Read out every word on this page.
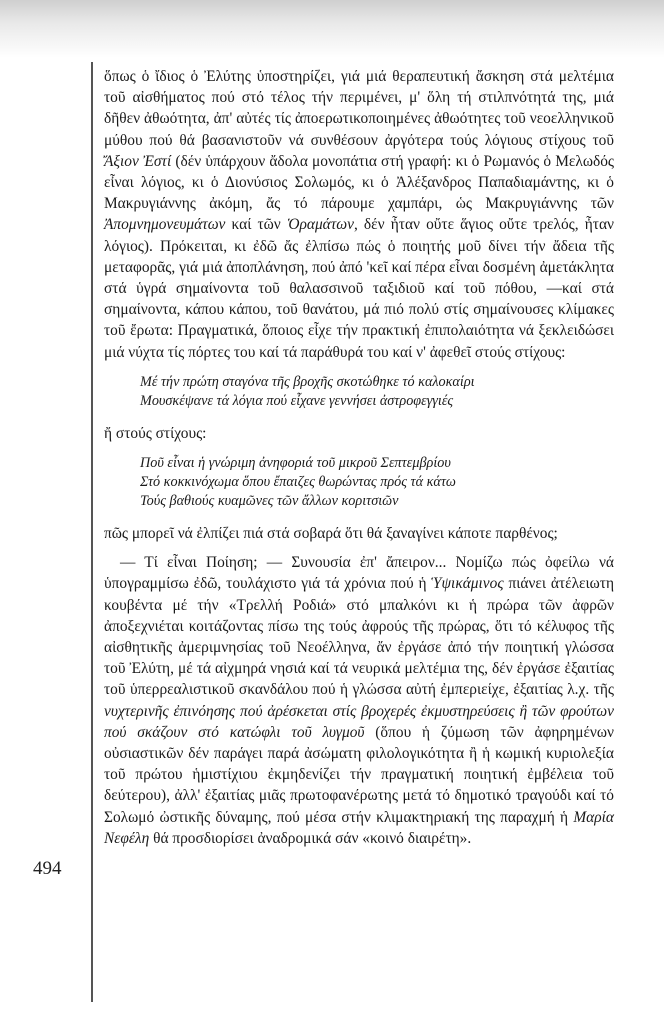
494

ὅπως ὁ ἴδιος ὁ Ἐλύτης ὑποστηρίζει, γιά μιά θεραπευτική ἄσκηση στά μελτέμια τοῦ αἰσθήματος πού στό τέλος τήν περιμένει, μ' ὅλη τή στιλπνότητά της, μιά δῆθεν ἀθωότητα, ἀπ' αὐτές τίς ἀποερωτικοποιημένες ἀθωότητες τοῦ νεοελληνικοῦ μύθου πού θά βασανιστοῦν νά συνθέσουν ἀργότερα τούς λόγιους στίχους τοῦ Ἄξιον Ἐστί (δέν ὑπάρχουν ἄδολα μονοπάτια στή γραφή: κι ὁ Ρωμανός ὁ Μελωδός εἶναι λόγιος, κι ὁ Διονύσιος Σολωμός, κι ὁ Ἀλέξανδρος Παπαδιαμάντης, κι ὁ Μακρυγιάννης ἀκόμη, ἄς τό πάρουμε χαμπάρι, ὡς Μακρυγιάννης τῶν Ἀπομνημονευμάτων καί τῶν Ὁραμάτων, δέν ἦταν οὔτε ἅγιος οὔτε τρελός, ἦταν λόγιος). Πρόκειται, κι ἐδῶ ἄς ἐλπίσω πώς ὁ ποιητής μοῦ δίνει τήν ἄδεια τῆς μεταφορᾶς, γιά μιά ἀποπλάνηση, πού ἀπό 'κεῖ καί πέρα εἶναι δοσμένη ἀμετάκλητα στά ὑγρά σημαίνοντα τοῦ θαλασσινοῦ ταξιδιοῦ καί τοῦ πόθου, —καί στά σημαίνοντα, κάπου κάπου, τοῦ θανάτου, μά πιό πολύ στίς σημαίνουσες κλίμακες τοῦ ἔρωτα: Πραγματικά, ὅποιος εἶχε τήν πρακτική ἐπιπολαιότητα νά ξεκλειδώσει μιά νύχτα τίς πόρτες του καί τά παράθυρά του καί ν' ἀφεθεῖ στούς στίχους:

Μέ τήν πρώτη σταγόνα τῆς βροχῆς σκοτώθηκε τό καλοκαίρι
Μουσκέψανε τά λόγια πού εἶχανε γεννήσει ἀστροφεγγιές

ἤ στούς στίχους:

Ποῦ εἶναι ἡ γνώριμη ἀνηφοριά τοῦ μικροῦ Σεπτεμβρίου
Στό κοκκινόχωμα ὅπου ἔπαιζες θωρώντας πρός τά κάτω
Τούς βαθιούς κυαμῶνες τῶν ἄλλων κοριτσιῶν

πῶς μπορεῖ νά ἐλπίζει πιά στά σοβαρά ὅτι θά ξαναγίνει κάποτε παρθένος;

— Τί εἶναι Ποίηση; — Συνουσία ἐπ' ἄπειρον... Νομίζω πώς ὀφείλω νά ὑπογραμμίσω ἐδῶ, τουλάχιστο γιά τά χρόνια πού ἡ Ὑψικάμινος πιάνει ἀτέλειωτη κουβέντα μέ τήν «Τρελλή Ροδιά» στό μπαλκόνι κι ἡ πρώρα τῶν ἀφρῶν ἀποξεχνιέται κοιτάζοντας πίσω της τούς ἀφρούς τῆς πρώρας, ὅτι τό κέλυφος τῆς αἰσθητικῆς ἀμεριμνησίας τοῦ Νεοέλληνα, ἄν ἐργάσε ἀπό τήν ποιητική γλώσσα τοῦ Ἐλύτη, μέ τά αἰχμηρά νησιά καί τά νευρικά μελτέμια της, δέν ἐργάσε ἐξαιτίας τοῦ ὑπερρεαλιστικοῦ σκανδάλου πού ἡ γλώσσα αὐτή ἐμπεριείχε, ἐξαιτίας λ.χ. τῆς νυχτερινῆς ἐπινόησης πού ἀρέσκεται στίς βροχερές ἐκμυστηρεύσεις ἢ τῶν φρούτων πού σκάζουν στό κατώφλι τοῦ λυγμοῦ (ὅπου ἡ ζύμωση τῶν ἀφηρημένων οὐσιαστικῶν δέν παράγει παρά ἀσώματη φιλολογικότητα ἢ ἡ κωμική κυριολεξία τοῦ πρώτου ἡμιστίχιου ἐκμηδενίζει τήν πραγματική ποιητική ἐμβέλεια τοῦ δεύτερου), ἀλλ' ἐξαιτίας μιᾶς πρωτοφανέρωτης μετά τό δημοτικό τραγούδι καί τό Σολωμό ὠστικῆς δύναμης, πού μέσα στήν κλιμακτηριακή της παραχμή ἡ Μαρία Νεφέλη θά προσδιορίσει ἀναδρομικά σάν «κοινό διαιρέτη».
